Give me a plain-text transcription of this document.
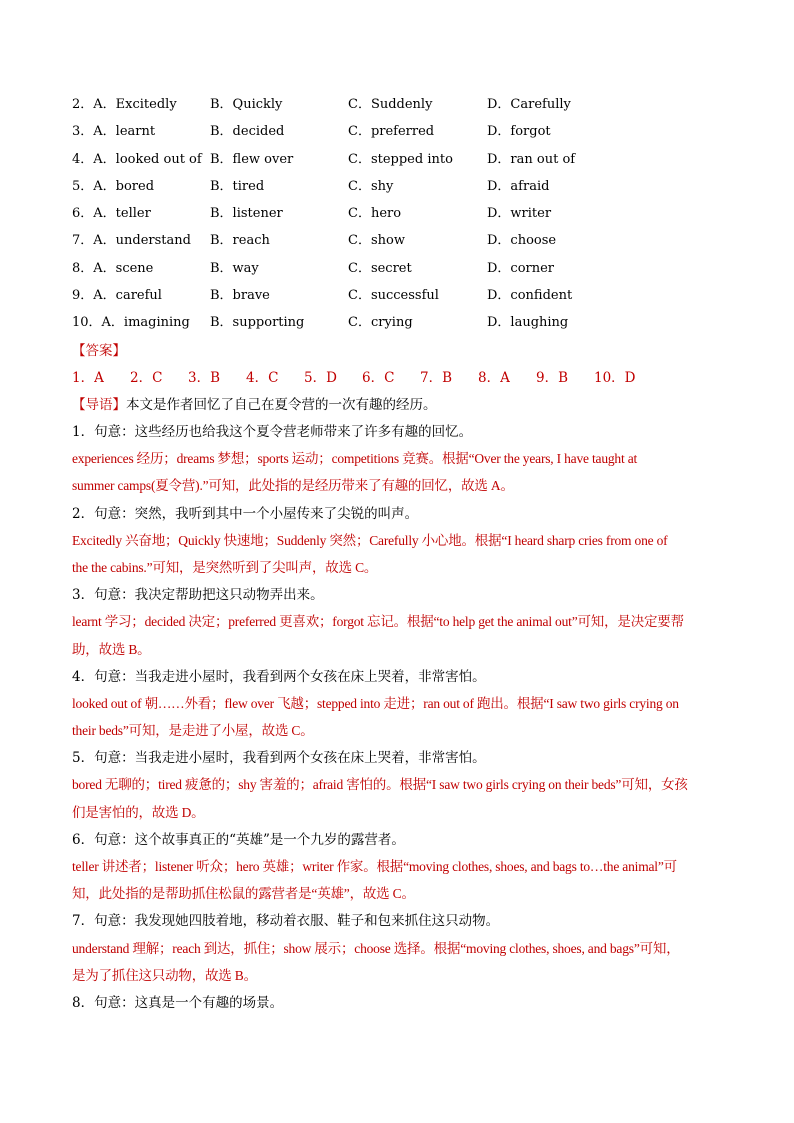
2．A．Excitedly	B．Quickly	C．Suddenly	D．Carefully
3．A．learnt	B．decided	C．preferred	D．forgot
4．A．looked out of B．flew over	C．stepped into	D．ran out of
5．A．bored	B．tired	C．shy	D．afraid
6．A．teller	B．listener	C．hero	D．writer
7．A．understand	B．reach	C．show	D．choose
8．A．scene	B．way	C．secret	D．corner
9．A．careful	B．brave	C．successful	D．confident
10．A．imagining	B．supporting	C．crying	D．laughing
【答案】
1．A	2．C	3．B	4．C	5．D	6．C	7．B	8．A	9．B	10．D
【导语】本文是作者回忆了自己在夏令营的一次有趣的经历。
1．句意：这些经历也给我这个夏令营老师带来了许多有趣的回忆。
experiences 经历；dreams 梦想；sports 运动；competitions 竞赛。根据“Over the years, I have taught at
summer camps(夏令营).”可知，此处指的是经历带来了有趣的回忆，故选 A。
2．句意：突然，我听到其中一个小屋传来了尖锐的叫声。
Excitedly 兴奋地；Quickly 快速地；Suddenly 突然；Carefully 小心地。根据“I heard sharp cries from one of
the the cabins.”可知，是突然听到了尖叫声，故选 C。
3．句意：我决定帮助把这只动物弄出来。
learnt 学习；decided 决定；preferred 更喜欢；forgot 忘记。根据“to help get the animal out”可知，是决定要帮
助，故选 B。
4．句意：当我走进小屋时，我看到两个女孩在床上哭着，非常害怕。
looked out of 朝……外看；flew over 飞越；stepped into 走进；ran out of 跑出。根据“I saw two girls crying on
their beds”可知，是走进了小屋，故选 C。
5．句意：当我走进小屋时，我看到两个女孩在床上哭着，非常害怕。
bored 无聊的；tired 疲惫的；shy 害羞的；afraid 害怕的。根据“I saw two girls crying on their beds”可知，女孩
们是害怕的，故选 D。
6．句意：这个故事真正的“英雄”是一个九岁的露营者。
teller 讲述者；listener 听众；hero 英雄；writer 作家。根据“moving clothes, shoes, and bags to…the animal”可
知，此处指的是帮助抓住松鼠的露营者是“英雄”，故选 C。
7．句意：我发现她四肢着地，移动着衣服、鞋子和包来抓住这只动物。
understand 理解；reach 到达，抓住；show 展示；choose 选择。根据“moving clothes, shoes, and bags”可知，
是为了抓住这只动物，故选 B。
8．句意：这真是一个有趣的场景。
